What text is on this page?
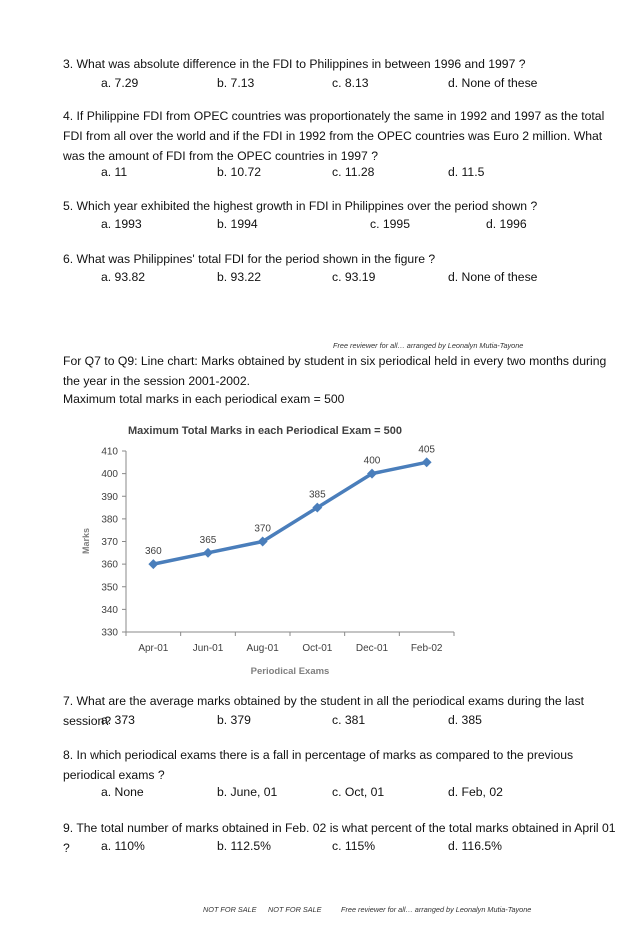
3. What was absolute difference in the FDI to Philippines in between 1996 and 1997 ?
a. 7.29	b. 7.13	c. 8.13	d. None of these
4. If Philippine FDI from OPEC countries was proportionately the same in 1992 and 1997 as the total FDI from all over the world and if the FDI in 1992 from the OPEC countries was Euro 2 million. What was the amount of FDI from the OPEC countries in 1997 ?
a. 11	b. 10.72	c. 11.28	d. 11.5
5. Which year exhibited the highest growth in FDI in Philippines over the period shown ?
a. 1993	b. 1994	c. 1995	d. 1996
6. What was Philippines' total FDI for the period shown in the figure ?
a. 93.82	b. 93.22	c. 93.19	d. None of these
Free reviewer for all… arranged by Leonalyn Mutia-Tayone
For Q7 to Q9: Line chart: Marks obtained by student in six periodical held in every two months during the year in the session 2001-2002.
Maximum total marks in each periodical exam = 500
Maximum Total Marks in each Periodical Exam = 500
Marks
Periodical Exams
330
340
350
360
370
380
390
400
410
Apr-01 Jun-01 Aug-01 Oct-01 Dec-01 Feb-02
360
365
370
385
400
405
7. What are the average marks obtained by the student in all the periodical exams during the last session?
a. 373	b. 379	c. 381	d. 385
8. In which periodical exams there is a fall in percentage of marks as compared to the previous periodical exams ?
a. None	b. June, 01	c. Oct, 01	d. Feb, 02
9. The total number of marks obtained in Feb. 02 is what percent of the total marks obtained in April 01 ?	a. 110%	b. 112.5%	c. 115%	d. 116.5%
NOT FOR SALE NOT FOR SALE	Free reviewer for all… arranged by Leonalyn Mutia-Tayone
